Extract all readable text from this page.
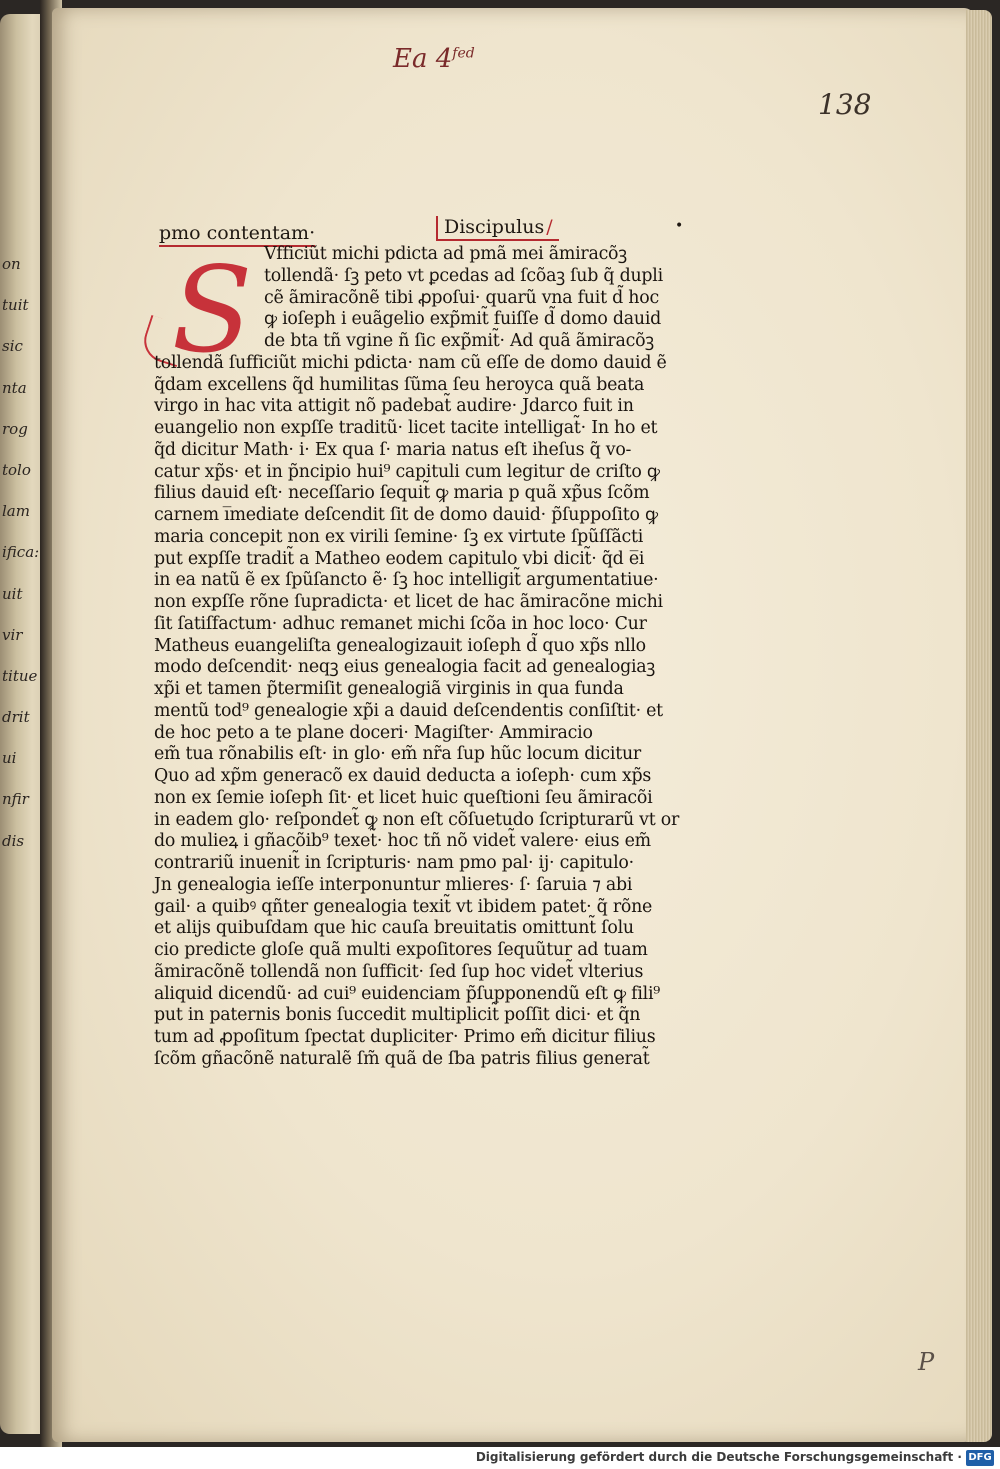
on

tuit

sic

nta

rog

tolo

lam

ifica:

uit

vir

titue

drit

ui

nfir

dis
Ea $4^{fed}$
138
P
pmo contentam·	Discipulus /	•
S Vfficiũt michi pdicta ad pmã mei ãmiracõꝫ
tollendã· ſꝫ peto vt ꝑcedas ad ſcõaꝫ ſub q̃ dupli
cẽ ãmiracõnẽ tibi ꝓpoſui· quarũ vna fuit d̃ hoc
ꝙ ioſeph i euãgelio exp̃mit̃ fuiſſe d̃ domo dauid
de bta tñ vgine ñ ſic exp̃mit̃· Ad quã ãmiracõꝫ
tollendã ſufficiũt michi pdicta· nam cũ eſſe de domo dauid ẽ
q̃dam excellens q̃d humilitas ſũma ſeu heroyca quã beata
virgo in hac vita attigit nõ padebat̃ audire· Jdarco fuit in
euangelio non expſſe traditũ· licet tacite intelligat̃· In ho et
q̃d dicitur Math· i· Ex qua ſ· maria natus eſt iheſus q̃ vo-
catur xp̃s· et in p̃ncipio hui⁹ capituli cum legitur de criſto ꝙ
filius dauid eſt· neceſſario ſequit̃ ꝙ maria p quã xp̃us ſcõm
carnem i̅mediate deſcendit ſit de domo dauid· p̃ſuppoſito ꝙ
maria concepit non ex virili ſemine· ſꝫ ex virtute ſpũſſãcti
put expſſe tradit̃ a Matheo eodem capitulo vbi dicit̃· q̃d e̅i
in ea natũ ẽ ex ſpũſancto ẽ· ſꝫ hoc intelligit̃ argumentatiue·
non expſſe rõne ſupradicta· et licet de hac ãmiracõne michi
ſit ſatiſfactum· adhuc remanet michi ſcõa in hoc loco· Cur
Matheus euangeliſta genealogizauit ioſeph d̃ quo xp̃s nllo
modo deſcendit· neqꝫ eius genealogia facit ad genealogiaꝫ
xp̃i et tamen p̃termiſit genealogiã virginis in qua funda
mentũ tod⁹ genealogie xp̃i a dauid deſcendentis conſiſtit· et
de hoc peto a te plane doceri· Magiſter· Ammiracio
em̃ tua rõnabilis eſt· in glo· em̃ nr̃a ſup hũc locum dicitur
Quo ad xp̃m generacõ ex dauid deducta a ioſeph· cum xp̃s
non ex ſemie ioſeph ſit· et licet huic queſtioni ſeu ãmiracõi
in eadem glo· reſpondet̃ ꝙ non eſt cõſuetudo ſcripturarũ vt or
do mulieꝝ i gñacõib⁹ texet̃· hoc tñ nõ videt̃ valere· eius em̃
contrariũ inuenit̃ in ſcripturis· nam pmo pal· ij· capitulo·
Jn genealogia ieſſe interponuntur mlieres· ſ· ſaruia ⁊ abi
gail· a quibꝰ qñter genealogia texit̃ vt ibidem patet· q̃ rõne
et alijs quibuſdam que hic cauſa breuitatis omittunt̃ ſolu
cio predicte gloſe quã multi expoſitores ſequũtur ad tuam
ãmiracõnẽ tollendã non ſufficit· ſed ſup hoc videt̃ vlterius
aliquid dicendũ· ad cui⁹ euidenciam p̃ſupponendũ eſt ꝙ fili⁹
put in paternis bonis ſuccedit multiplicit̃ poſſit dici· et q̃n
tum ad ꝓpoſitum ſpectat dupliciter· Primo em̃ dicitur filius
ſcõm gñacõnẽ naturalẽ ſm̃ quã de ſba patris filius generat̃
Digitalisierung gefördert durch die Deutsche Forschungsgemeinschaft · DFG
